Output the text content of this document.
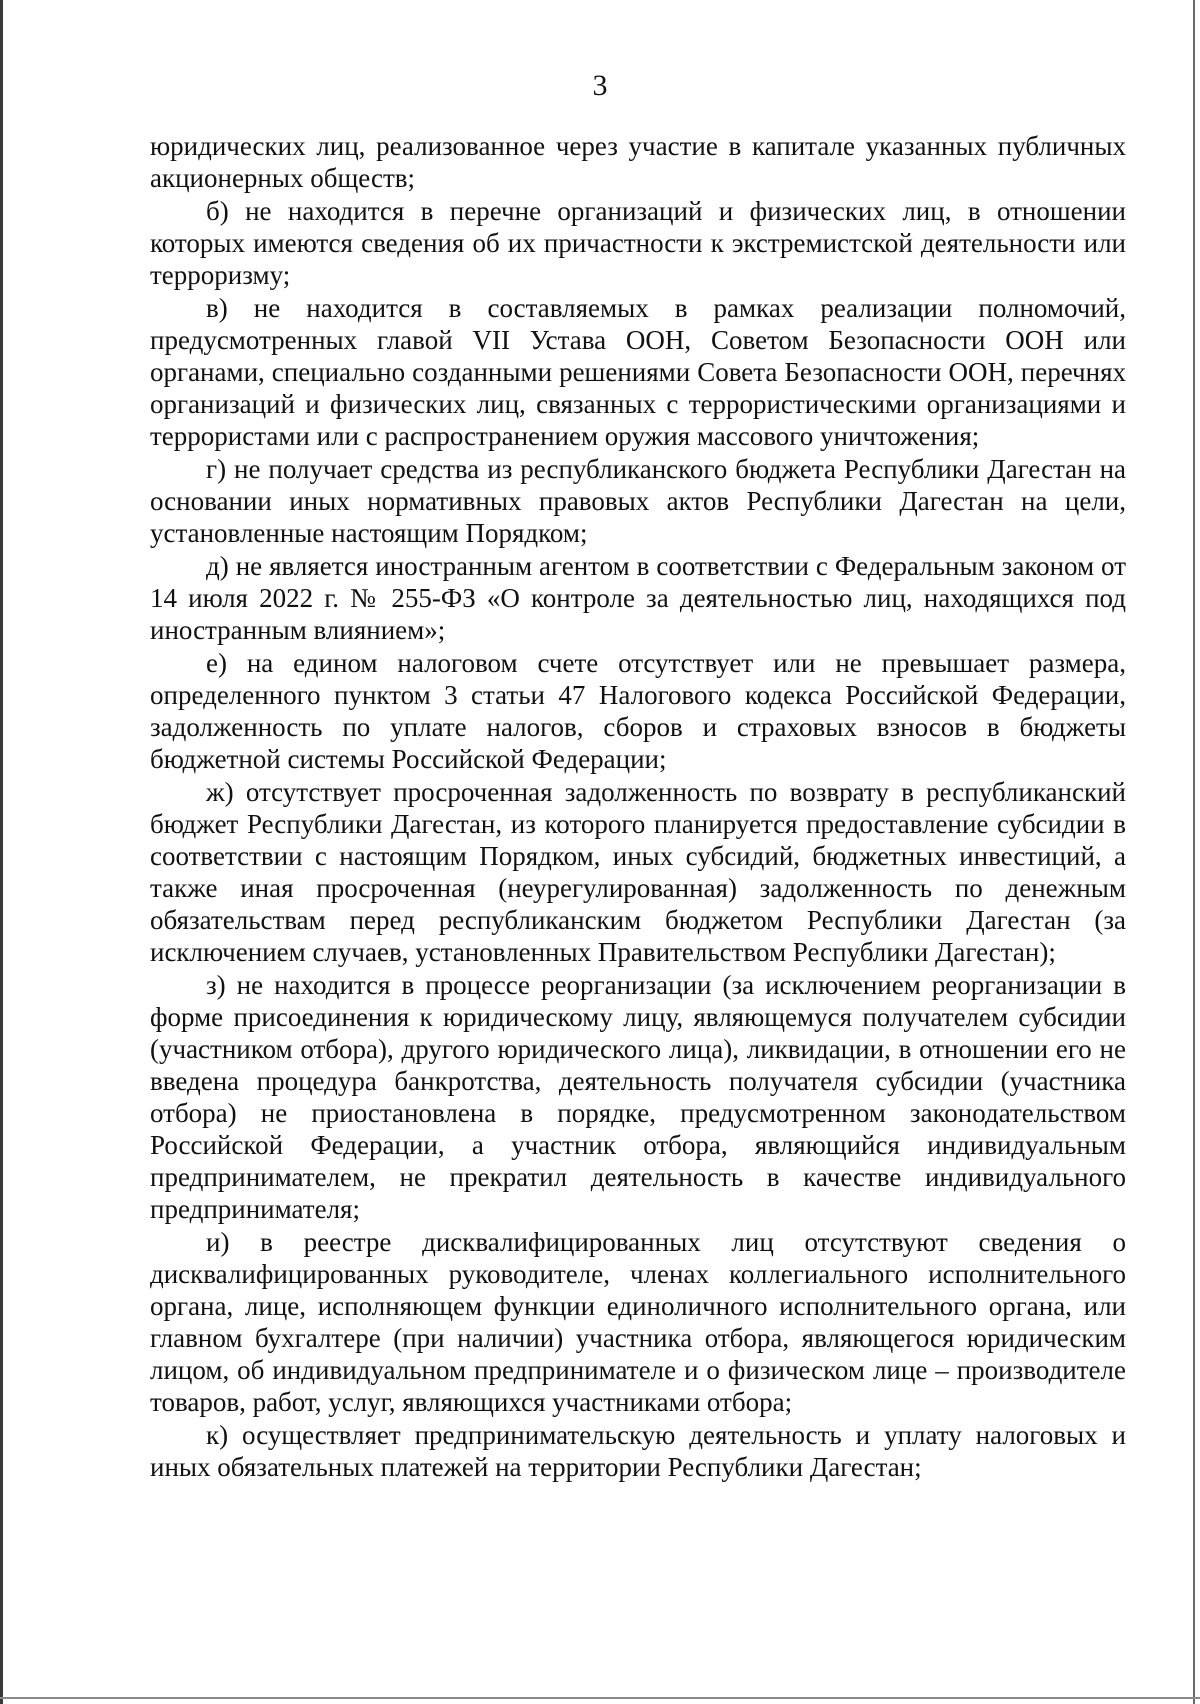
3

юридических лиц, реализованное через участие в капитале указанных публичных акционерных обществ;

б) не находится в перечне организаций и физических лиц, в отношении которых имеются сведения об их причастности к экстремистской деятельности или терроризму;

в) не находится в составляемых в рамках реализации полномочий, предусмотренных главой VII Устава ООН, Советом Безопасности ООН или органами, специально созданными решениями Совета Безопасности ООН, перечнях организаций и физических лиц, связанных с террористическими организациями и террористами или с распространением оружия массового уничтожения;

г) не получает средства из республиканского бюджета Республики Дагестан на основании иных нормативных правовых актов Республики Дагестан на цели, установленные настоящим Порядком;

д) не является иностранным агентом в соответствии с Федеральным законом от 14 июля 2022 г. № 255-ФЗ «О контроле за деятельностью лиц, находящихся под иностранным влиянием»;

е) на едином налоговом счете отсутствует или не превышает размера, определенного пунктом 3 статьи 47 Налогового кодекса Российской Федерации, задолженность по уплате налогов, сборов и страховых взносов в бюджеты бюджетной системы Российской Федерации;

ж) отсутствует просроченная задолженность по возврату в республиканский бюджет Республики Дагестан, из которого планируется предоставление субсидии в соответствии с настоящим Порядком, иных субсидий, бюджетных инвестиций, а также иная просроченная (неурегулированная) задолженность по денежным обязательствам перед республиканским бюджетом Республики Дагестан (за исключением случаев, установленных Правительством Республики Дагестан);

з) не находится в процессе реорганизации (за исключением реорганизации в форме присоединения к юридическому лицу, являющемуся получателем субсидии (участником отбора), другого юридического лица), ликвидации, в отношении его не введена процедура банкротства, деятельность получателя субсидии (участника отбора) не приостановлена в порядке, предусмотренном законодательством Российской Федерации, а участник отбора, являющийся индивидуальным предпринимателем, не прекратил деятельность в качестве индивидуального предпринимателя;

и) в реестре дисквалифицированных лиц отсутствуют сведения о дисквалифицированных руководителе, членах коллегиального исполнительного органа, лице, исполняющем функции единоличного исполнительного органа, или главном бухгалтере (при наличии) участника отбора, являющегося юридическим лицом, об индивидуальном предпринимателе и о физическом лице – производителе товаров, работ, услуг, являющихся участниками отбора;

к) осуществляет предпринимательскую деятельность и уплату налоговых и иных обязательных платежей на территории Республики Дагестан;
